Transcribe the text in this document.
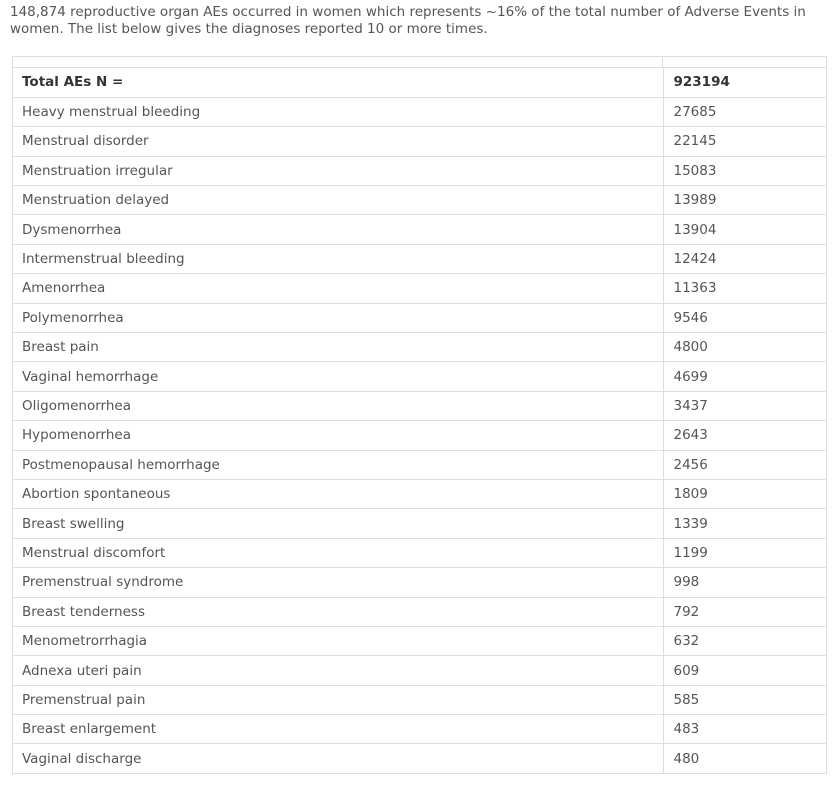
148,874 reproductive organ AEs occurred in women which represents ~16% of the total number of Adverse Events in women. The list below gives the diagnoses reported 10 or more times.

Total AEs N =	923194
Heavy menstrual bleeding	27685
Menstrual disorder	22145
Menstruation irregular	15083
Menstruation delayed	13989
Dysmenorrhea	13904
Intermenstrual bleeding	12424
Amenorrhea	11363
Polymenorrhea	9546
Breast pain	4800
Vaginal hemorrhage	4699
Oligomenorrhea	3437
Hypomenorrhea	2643
Postmenopausal hemorrhage	2456
Abortion spontaneous	1809
Breast swelling	1339
Menstrual discomfort	1199
Premenstrual syndrome	998
Breast tenderness	792
Menometrorrhagia	632
Adnexa uteri pain	609
Premenstrual pain	585
Breast enlargement	483
Vaginal discharge	480
